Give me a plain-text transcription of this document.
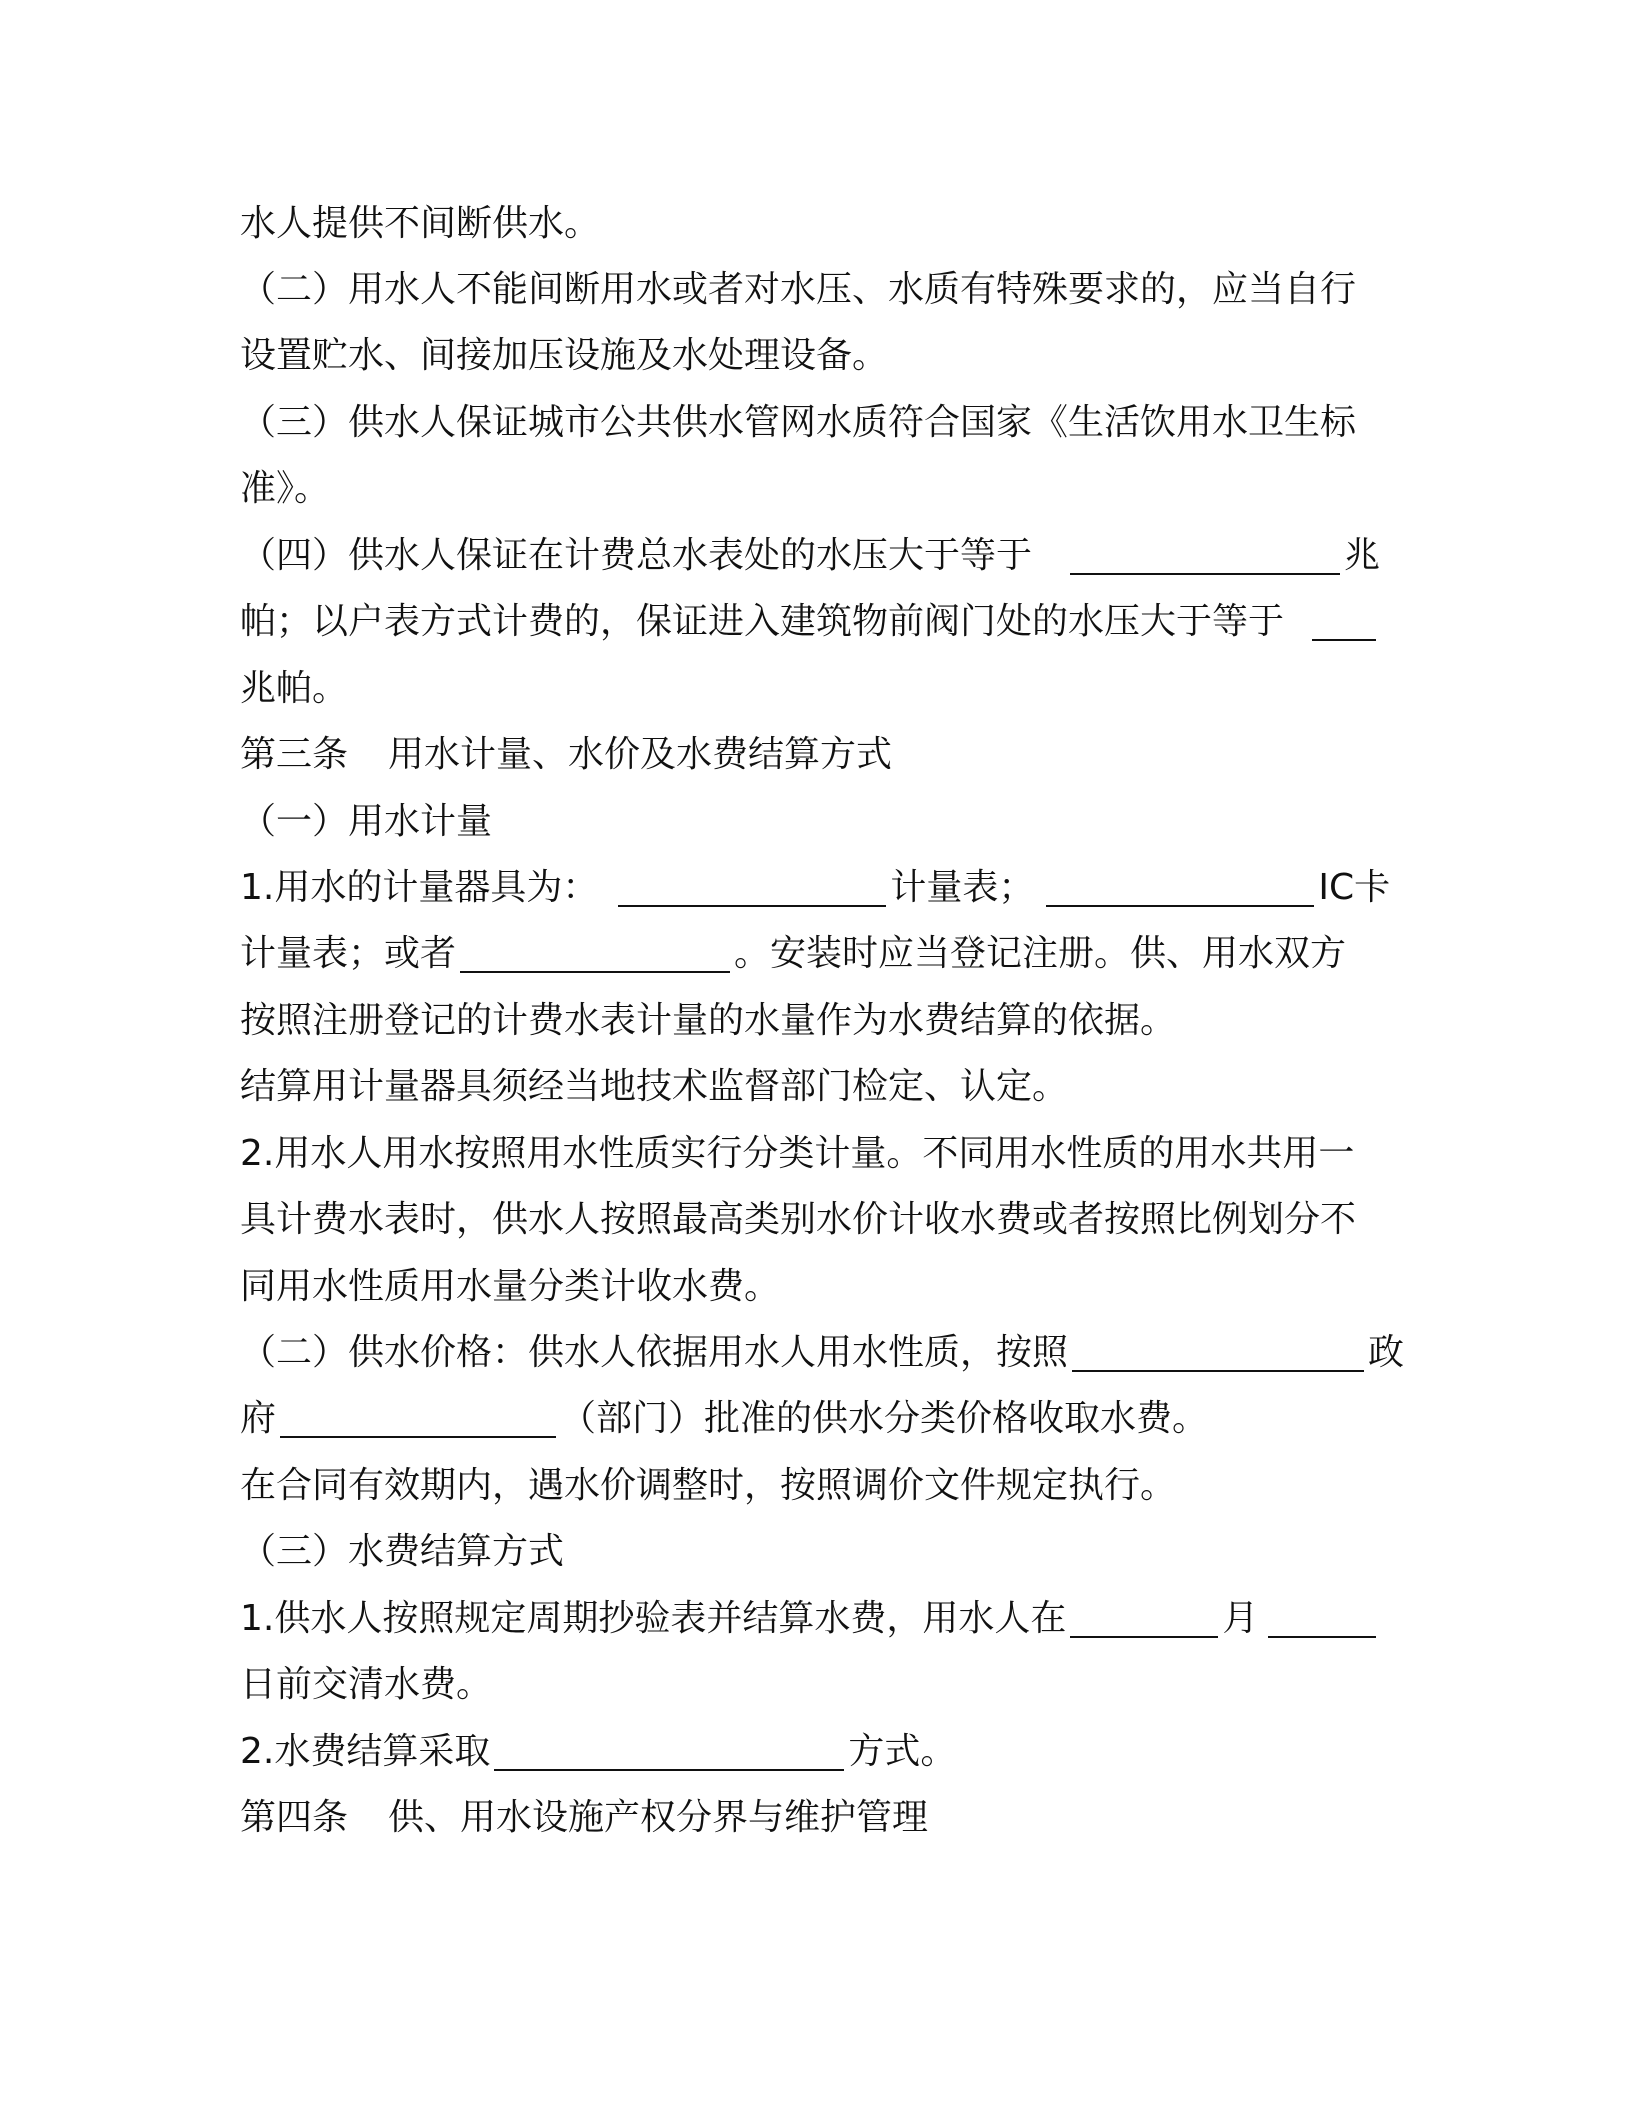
水人提供不间断供水。
（二）用水人不能间断用水或者对水压、水质有特殊要求的，应当自行
设置贮水、间接加压设施及水处理设备。
（三）供水人保证城市公共供水管网水质符合国家《生活饮用水卫生标
准》。
（四）供水人保证在计费总水表处的水压大于等于	兆
帕；以户表方式计费的，保证进入建筑物前阀门处的水压大于等于
兆帕。
第三条 用水计量、水价及水费结算方式
（一）用水计量
1.用水的计量器具为：	计量表；	IC卡
计量表；或者	。安装时应当登记注册。供、用水双方
按照注册登记的计费水表计量的水量作为水费结算的依据。
结算用计量器具须经当地技术监督部门检定、认定。
2.用水人用水按照用水性质实行分类计量。不同用水性质的用水共用一
具计费水表时，供水人按照最高类别水价计收水费或者按照比例划分不
同用水性质用水量分类计收水费。
（二）供水价格：供水人依据用水人用水性质，按照	政
府	（部门）批准的供水分类价格收取水费。
在合同有效期内，遇水价调整时，按照调价文件规定执行。
（三）水费结算方式
1.供水人按照规定周期抄验表并结算水费，用水人在	月
日前交清水费。
2.水费结算采取	方式。
第四条 供、用水设施产权分界与维护管理
